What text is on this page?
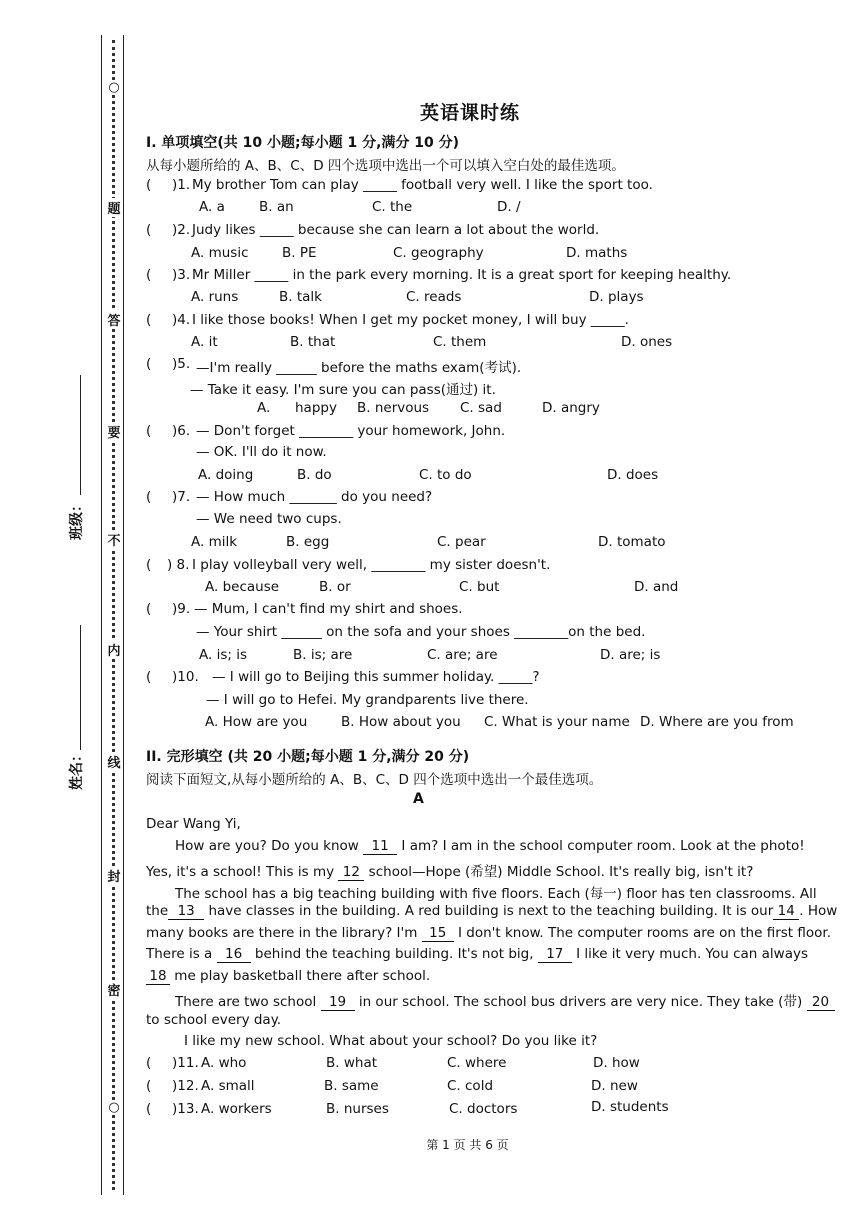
○
题
答
要
不
内
线
封
密
○
班级：
姓名：
英语课时练
I. 单项填空(共 10 小题;每小题 1 分,满分 10 分)
从每小题所给的 A、B、C、D 四个选项中选出一个可以填入空白处的最佳选项。
( )1. My brother Tom can play _____ football very well. I like the sport too.
A. a	B. an	C. the	D. /
( )2. Judy likes _____ because she can learn a lot about the world.
A. music B. PE	C. geography	D. maths
( )3. Mr Miller _____ in the park every morning. It is a great sport for keeping healthy.
A. runs	B. talk	C. reads	D. plays
( )4. I like those books! When I get my pocket money, I will buy _____.
A. it	B. that	C. them	D. ones
( )5. —I'm really ______ before the maths exam(考试).
— Take it easy. I'm sure you can pass(通过) it.
A. happy B. nervous C. sad	D. angry
( )6. — Don't forget ________ your homework, John.
— OK. I'll do it now.
A. doing	B. do	C. to do	D. does
( )7. — How much _______ do you need?
— We need two cups.
A. milk	B. egg	C. pear	D. tomato
( ) 8. I play volleyball very well, ________ my sister doesn't.
A. because	B. or	C. but	D. and
( )9. — Mum, I can't find my shirt and shoes.
— Your shirt ______ on the sofa and your shoes ________on the bed.
A. is; is	B. is; are	C. are; are	D. are; is
( )10. — I will go to Beijing this summer holiday. _____?
— I will go to Hefei. My grandparents live there.
A. How are you B. How about you C. What is your name D. Where are you from
II. 完形填空 (共 20 小题;每小题 1 分,满分 20 分)
阅读下面短文,从每小题所给的 A、B、C、D 四个选项中选出一个最佳选项。
A
Dear Wang Yi,
How are you? Do you know 11 I am? I am in the school computer room. Look at the photo!
Yes, it's a school! This is my 12 school—Hope (希望) Middle School. It's really big, isn't it?
The school has a big teaching building with five floors. Each (每一) floor has ten classrooms. All
the 13 have classes in the building. A red building is next to the teaching building. It is our 14 . How
many books are there in the library? I'm 15 I don't know. The computer rooms are on the first floor.
There is a 16 behind the teaching building. It's not big, 17 I like it very much. You can always
18 me play basketball there after school.
There are two school 19 in our school. The school bus drivers are very nice. They take (带) 20
to school every day.
I like my new school. What about your school? Do you like it?
( )11. A. who	B. what	C. where	D. how
( )12. A. small	B. same	C. cold	D. new
( )13. A. workers	B. nurses	C. doctors	D. students
第 1 页 共 6 页
